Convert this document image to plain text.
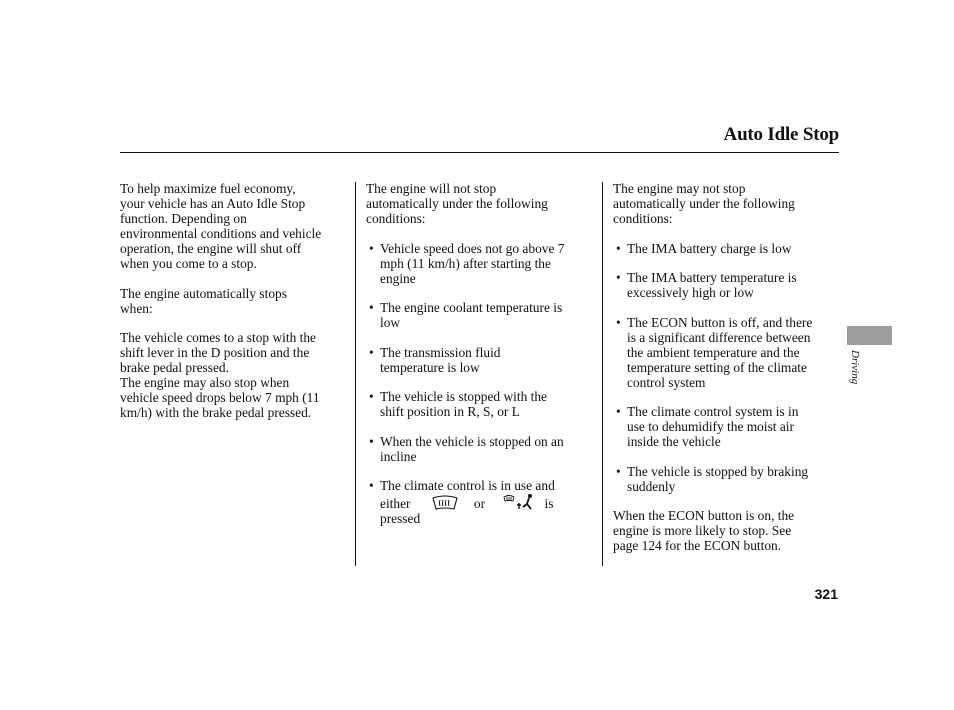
Auto Idle Stop

To help maximize fuel economy,
your vehicle has an Auto Idle Stop
function. Depending on
environmental conditions and vehicle
operation, the engine will shut off
when you come to a stop.

The engine automatically stops
when:

The vehicle comes to a stop with the
shift lever in the D position and the
brake pedal pressed.

The engine may also stop when
vehicle speed drops below 7 mph (11
km/h) with the brake pedal pressed.

The engine will not stop
automatically under the following
conditions:

• Vehicle speed does not go above 7
mph (11 km/h) after starting the
engine

• The engine coolant temperature is
low

• The transmission fluid
temperature is low

• The vehicle is stopped with the
shift position in R, S, or L

• When the vehicle is stopped on an
incline

• The climate control is in use and
either	or	is pressed

The engine may not stop
automatically under the following
conditions:

• The IMA battery charge is low

• The IMA battery temperature is
excessively high or low

• The ECON button is off, and there
is a significant difference between
the ambient temperature and the
temperature setting of the climate
control system

• The climate control system is in
use to dehumidify the moist air
inside the vehicle

• The vehicle is stopped by braking
suddenly

When the ECON button is on, the
engine is more likely to stop. See
page 124 for the ECON button.

Driving
321
